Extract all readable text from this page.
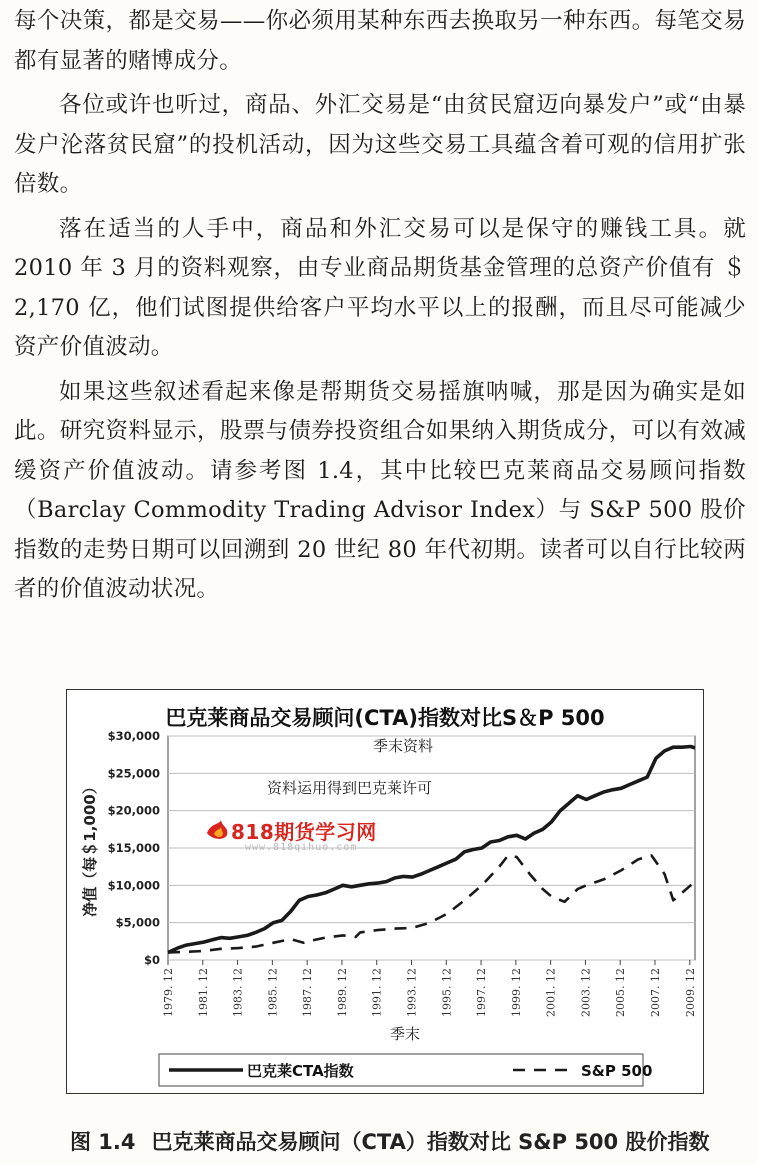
每个决策，都是交易——你必须用某种东西去换取另一种东西。每笔交易都有显著的赌博成分。

各位或许也听过，商品、外汇交易是“由贫民窟迈向暴发户”或“由暴发户沦落贫民窟”的投机活动，因为这些交易工具蕴含着可观的信用扩张倍数。

落在适当的人手中，商品和外汇交易可以是保守的赚钱工具。就2010 年 3 月的资料观察，由专业商品期货基金管理的总资产价值有 ＄ 2,170 亿，他们试图提供给客户平均水平以上的报酬，而且尽可能减少资产价值波动。

如果这些叙述看起来像是帮期货交易摇旗呐喊，那是因为确实是如此。研究资料显示，股票与债券投资组合如果纳入期货成分，可以有效减缓资产价值波动。请参考图 1.4，其中比较巴克莱商品交易顾问指数（Barclay Commodity Trading Advisor Index）与 S&P 500 股价指数的走势日期可以回溯到 20 世纪 80 年代初期。读者可以自行比较两者的价值波动状况。

巴克莱商品交易顾问(CTA)指数对比S＆P 500
$0
$5,000
$10,000
$15,000
$20,000
$25,000
$30,000
1979. 12 1981. 12 1983. 12 1985. 12 1987. 12 1989. 12 1991. 12 1993. 12 1995. 12 1997. 12 1999. 12 2001. 12 2003. 12 2005. 12 2007. 12 2009. 12
季末资料
资料运用得到巴克莱许可
季末
净值（每＄1,000）
巴克莱CTA指数	S&P 500
818期货学习网
www.818qihuo.com
图 1.4 巴克莱商品交易顾问（CTA）指数对比 S&P 500 股价指数
